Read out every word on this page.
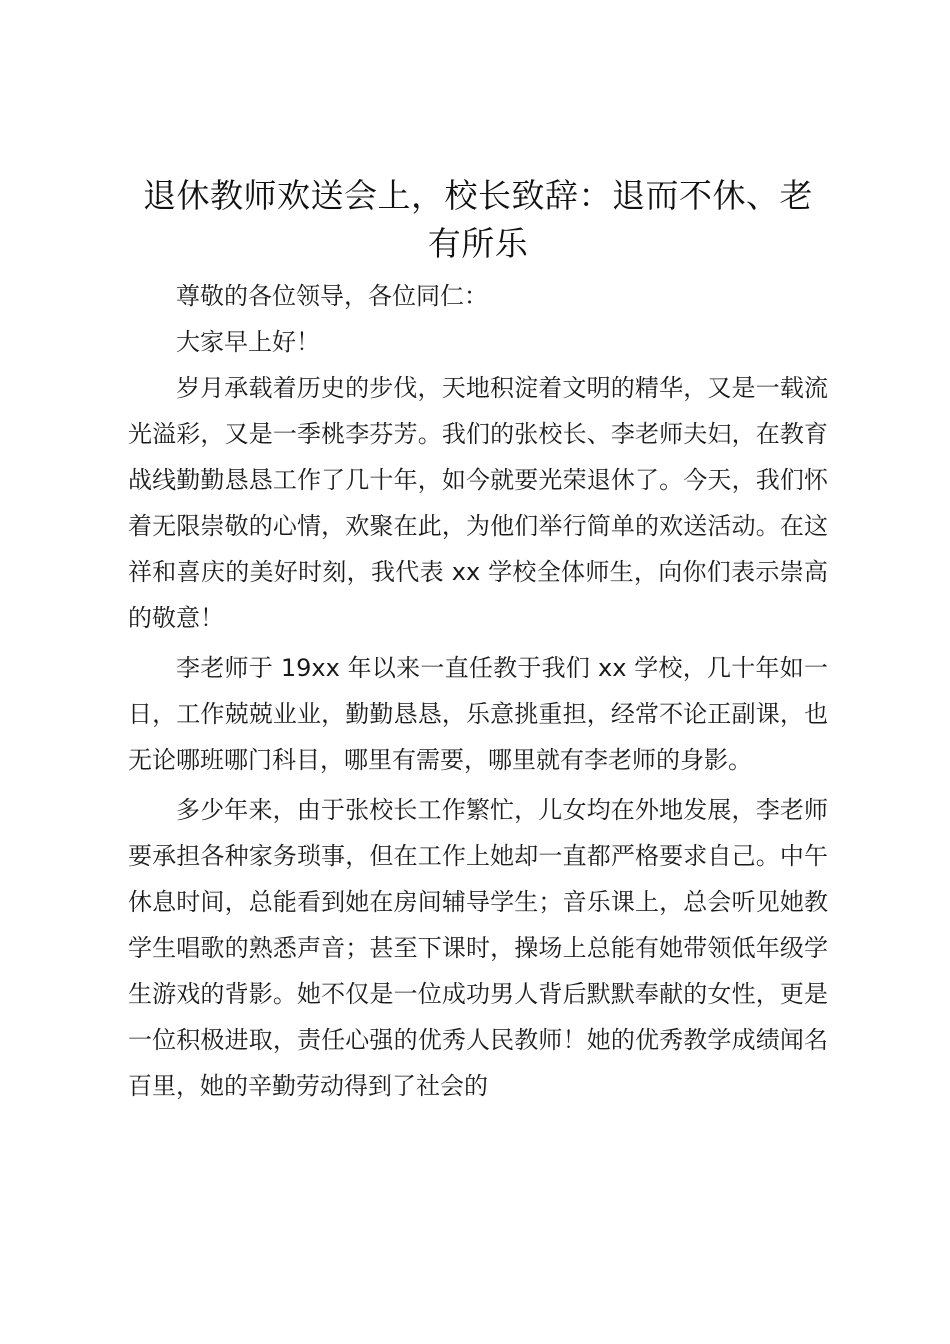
退休教师欢送会上，校长致辞：退而不休、老有所乐

尊敬的各位领导，各位同仁：

大家早上好！

岁月承载着历史的步伐，天地积淀着文明的精华，又是一载流光溢彩，又是一季桃李芬芳。我们的张校长、李老师夫妇，在教育战线勤勤恳恳工作了几十年，如今就要光荣退休了。今天，我们怀着无限崇敬的心情，欢聚在此，为他们举行简单的欢送活动。在这祥和喜庆的美好时刻，我代表 xx 学校全体师生，向你们表示崇高的敬意！

李老师于 19xx 年以来一直任教于我们 xx 学校，几十年如一日，工作兢兢业业，勤勤恳恳，乐意挑重担，经常不论正副课，也无论哪班哪门科目，哪里有需要，哪里就有李老师的身影。

多少年来，由于张校长工作繁忙，儿女均在外地发展，李老师要承担各种家务琐事，但在工作上她却一直都严格要求自己。中午休息时间，总能看到她在房间辅导学生；音乐课上，总会听见她教学生唱歌的熟悉声音；甚至下课时，操场上总能有她带领低年级学生游戏的背影。她不仅是一位成功男人背后默默奉献的女性，更是一位积极进取，责任心强的优秀人民教师！她的优秀教学成绩闻名百里，她的辛勤劳动得到了社会的
